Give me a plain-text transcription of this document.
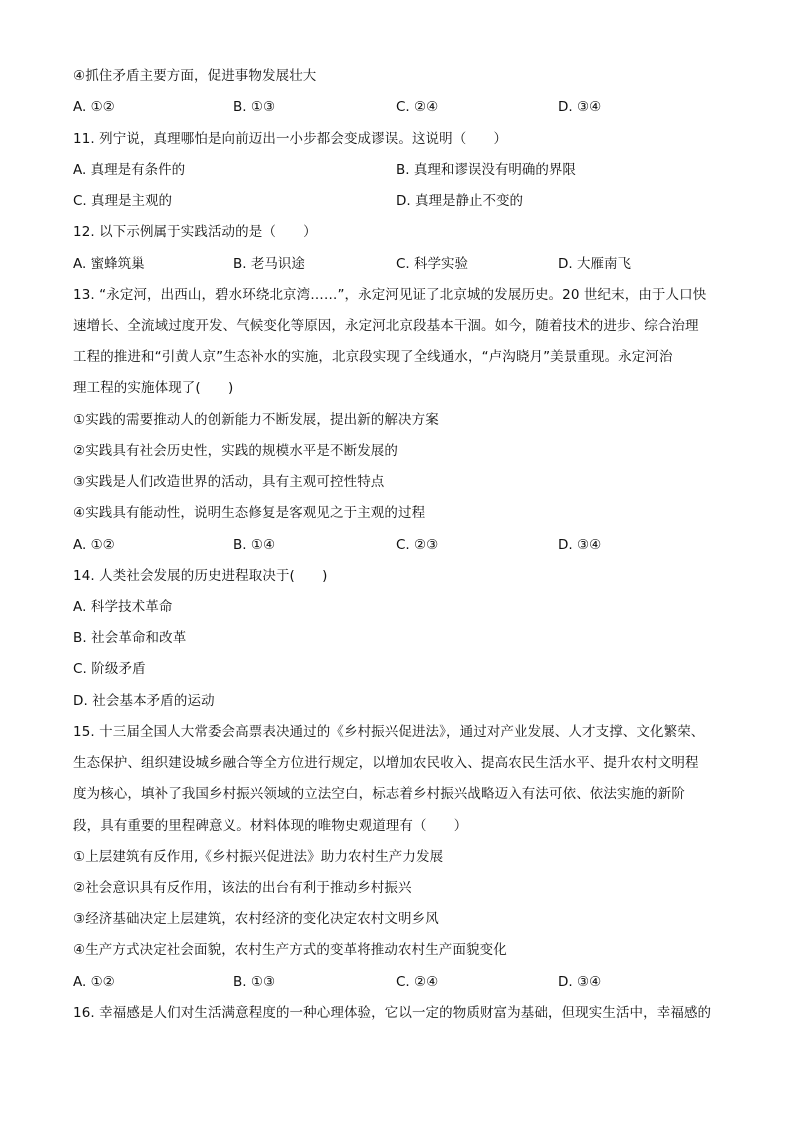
④抓住矛盾主要方面，促进事物发展壮大
A. ①②	B. ①③	C. ②④	D. ③④
11. 列宁说，真理哪怕是向前迈出一小步都会变成谬误。这说明（　　）
A. 真理是有条件的	B. 真理和谬误没有明确的界限
C. 真理是主观的	D. 真理是静止不变的
12. 以下示例属于实践活动的是（　　）
A. 蜜蜂筑巢	B. 老马识途	C. 科学实验	D. 大雁南飞
13. “永定河，出西山，碧水环绕北京湾……”，永定河见证了北京城的发展历史。20 世纪末，由于人口快
速增长、全流域过度开发、气候变化等原因，永定河北京段基本干涸。如今，随着技术的进步、综合治理
工程的推进和“引黄人京”生态补水的实施，北京段实现了全线通水，“卢沟晓月”美景重现。永定河治
理工程的实施体现了(　　)
①实践的需要推动人的创新能力不断发展，提出新的解决方案
②实践具有社会历史性，实践的规模水平是不断发展的
③实践是人们改造世界的活动，具有主观可控性特点
④实践具有能动性，说明生态修复是客观见之于主观的过程
A. ①②	B. ①④	C. ②③	D. ③④
14. 人类社会发展的历史进程取决于(　　)
A. 科学技术革命
B. 社会革命和改革
C. 阶级矛盾
D. 社会基本矛盾的运动
15. 十三届全国人大常委会高票表决通过的《乡村振兴促进法》，通过对产业发展、人才支撑、文化繁荣、
生态保护、组织建设城乡融合等全方位进行规定，以增加农民收入、提高农民生活水平、提升农村文明程
度为核心，填补了我国乡村振兴领域的立法空白，标志着乡村振兴战略迈入有法可依、依法实施的新阶
段，具有重要的里程碑意义。材料体现的唯物史观道理有（　　）
①上层建筑有反作用,《乡村振兴促进法》助力农村生产力发展
②社会意识具有反作用，该法的出台有利于推动乡村振兴
③经济基础决定上层建筑，农村经济的变化决定农村文明乡风
④生产方式决定社会面貌，农村生产方式的变革将推动农村生产面貌变化
A. ①②	B. ①③	C. ②④	D. ③④
16. 幸福感是人们对生活满意程度的一种心理体验，它以一定的物质财富为基础，但现实生活中，幸福感的
